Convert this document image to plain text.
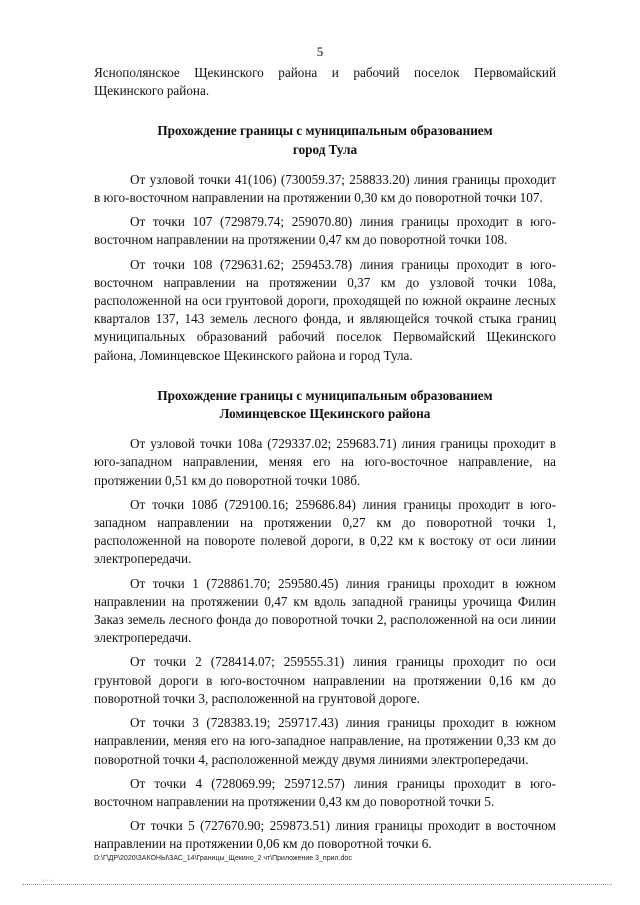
5

Яснополянское Щекинского района и рабочий поселок Первомайский Щекинского района.

Прохождение границы с муниципальным образованием

город Тула

От узловой точки 41(106) (730059.37; 258833.20) линия границы проходит в юго-восточном направлении на протяжении 0,30 км до поворотной точки 107.

От точки 107 (729879.74; 259070.80) линия границы проходит в юго-восточном направлении на протяжении 0,47 км до поворотной точки 108.

От точки 108 (729631.62; 259453.78) линия границы проходит в юго-восточном направлении на протяжении 0,37 км до узловой точки 108а, расположенной на оси грунтовой дороги, проходящей по южной окраине лесных кварталов 137, 143 земель лесного фонда, и являющейся точкой стыка границ муниципальных образований рабочий поселок Первомайский Щекинского района, Ломинцевское Щекинского района и город Тула.

Прохождение границы с муниципальным образованием

Ломинцевское Щекинского района

От узловой точки 108а (729337.02; 259683.71) линия границы проходит в юго-западном направлении, меняя его на юго-восточное направление, на протяжении 0,51 км до поворотной точки 108б.

От точки 108б (729100.16; 259686.84) линия границы проходит в юго-западном направлении на протяжении 0,27 км до поворотной точки 1, расположенной на повороте полевой дороги, в 0,22 км к востоку от оси линии электропередачи.

От точки 1 (728861.70; 259580.45) линия границы проходит в южном направлении на протяжении 0,47 км вдоль западной границы урочища Филин Заказ земель лесного фонда до поворотной точки 2, расположенной на оси линии электропередачи.

От точки 2 (728414.07; 259555.31) линия границы проходит по оси грунтовой дороги в юго-восточном направлении на протяжении 0,16 км до поворотной точки 3, расположенной на грунтовой дороге.

От точки 3 (728383.19; 259717.43) линия границы проходит в южном направлении, меняя его на юго-западное направление, на протяжении 0,33 км до поворотной точки 4, расположенной между двумя линиями электропередачи.

От точки 4 (728069.99; 259712.57) линия границы проходит в юго-восточном направлении на протяжении 0,43 км до поворотной точки 5.

От точки 5 (727670.90; 259873.51) линия границы проходит в восточном направлении на протяжении 0,06 км до поворотной точки 6.

D:\Г\ДР\2020\ЗАКОНЫ\ЗАС_14\Границы_Щекино_2 чт\Приложение 3_прил.doc
· · ·
